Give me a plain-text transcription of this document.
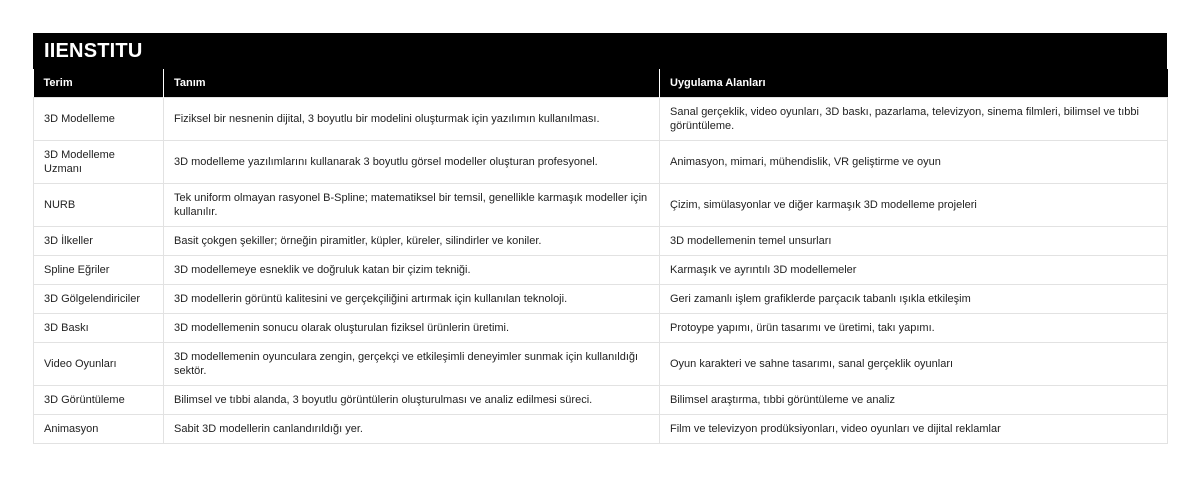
IIENSTITU
Terim	Tanım	Uygulama Alanları
3D Modelleme	Fiziksel bir nesnenin dijital, 3 boyutlu bir modelini oluşturmak için yazılımın kullanılması.	Sanal gerçeklik, video oyunları, 3D baskı, pazarlama, televizyon, sinema filmleri, bilimsel ve tıbbi görüntüleme.
3D Modelleme Uzmanı	3D modelleme yazılımlarını kullanarak 3 boyutlu görsel modeller oluşturan profesyonel.	Animasyon, mimari, mühendislik, VR geliştirme ve oyun
NURB	Tek uniform olmayan rasyonel B-Spline; matematiksel bir temsil, genellikle karmaşık modeller için kullanılır.	Çizim, simülasyonlar ve diğer karmaşık 3D modelleme projeleri
3D İlkeller	Basit çokgen şekiller; örneğin piramitler, küpler, küreler, silindirler ve koniler.	3D modellemenin temel unsurları
Spline Eğriler	3D modellemeye esneklik ve doğruluk katan bir çizim tekniği.	Karmaşık ve ayrıntılı 3D modellemeler
3D Gölgelendiriciler	3D modellerin görüntü kalitesini ve gerçekçiliğini artırmak için kullanılan teknoloji.	Geri zamanlı işlem grafiklerde parçacık tabanlı ışıkla etkileşim
3D Baskı	3D modellemenin sonucu olarak oluşturulan fiziksel ürünlerin üretimi.	Protoype yapımı, ürün tasarımı ve üretimi, takı yapımı.
Video Oyunları	3D modellemenin oyunculara zengin, gerçekçi ve etkileşimli deneyimler sunmak için kullanıldığı sektör.	Oyun karakteri ve sahne tasarımı, sanal gerçeklik oyunları
3D Görüntüleme	Bilimsel ve tıbbi alanda, 3 boyutlu görüntülerin oluşturulması ve analiz edilmesi süreci.	Bilimsel araştırma, tıbbi görüntüleme ve analiz
Animasyon	Sabit 3D modellerin canlandırıldığı yer.	Film ve televizyon prodüksiyonları, video oyunları ve dijital reklamlar
